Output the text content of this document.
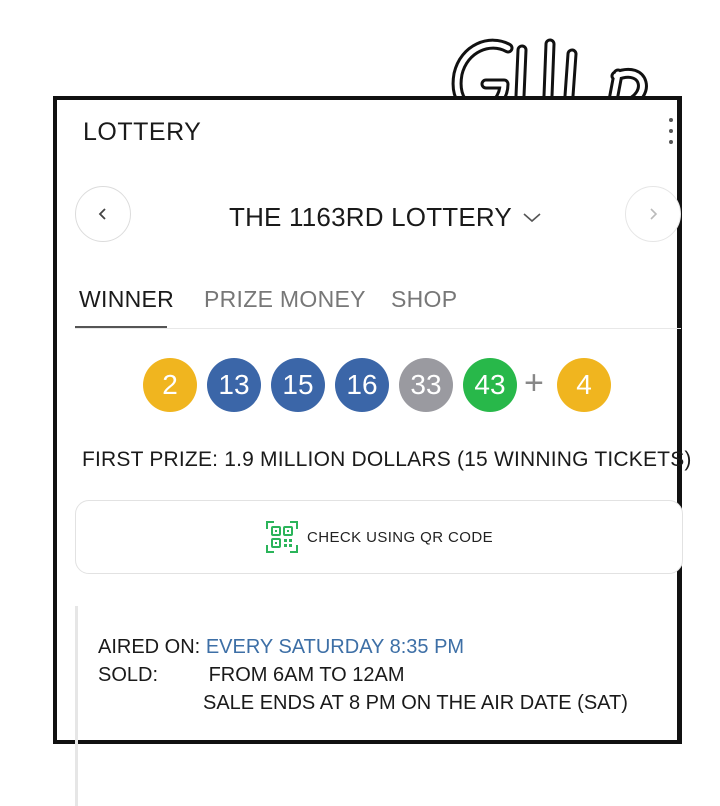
LOTTERY
THE 1163RD LOTTERY
WINNER PRIZE MONEY SHOP
2	13	15	16	33	43 +	4
FIRST PRIZE: 1.9 MILLION DOLLARS (15 WINNING TICKETS)
CHECK USING QR CODE
AIRED ON: EVERY SATURDAY 8:35 PM
SOLD:	FROM 6AM TO 12AM
SALE ENDS AT 8 PM ON THE AIR DATE (SAT)
